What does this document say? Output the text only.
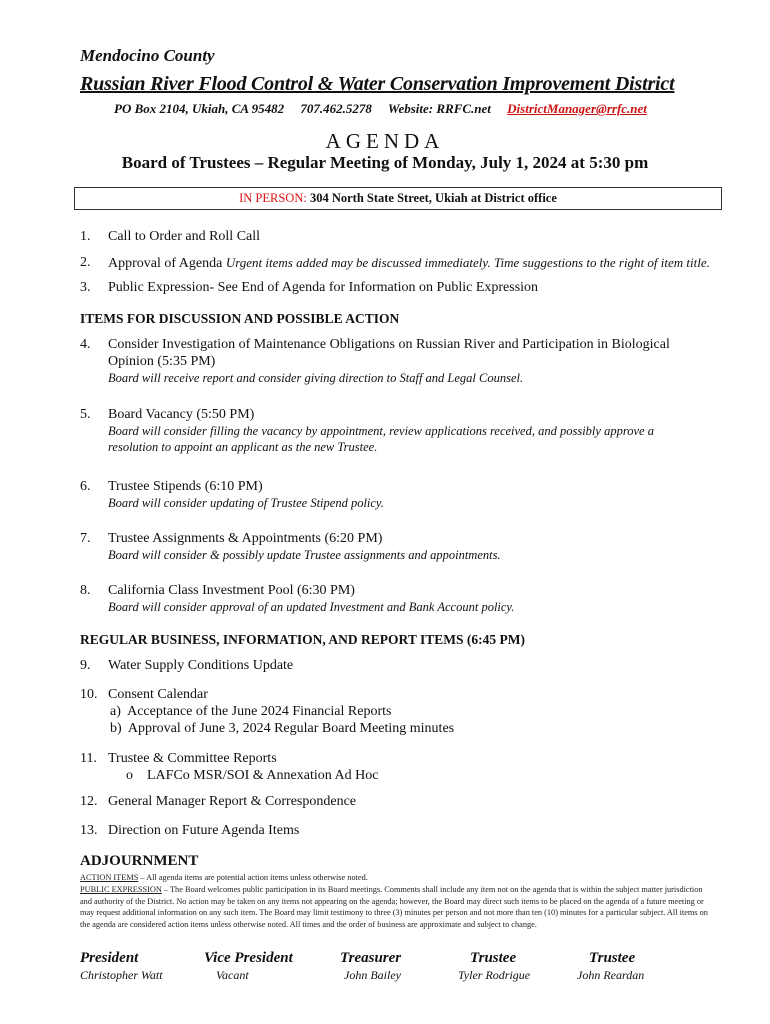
Mendocino County
Russian River Flood Control & Water Conservation Improvement District
PO Box 2104, Ukiah, CA 95482 707.462.5278 Website: RRFC.net DistrictManager@rrfc.net
AGENDA
Board of Trustees – Regular Meeting of Monday, July 1, 2024 at 5:30 pm
IN PERSON: 304 North State Street, Ukiah at District office
1. Call to Order and Roll Call
2. Approval of Agenda Urgent items added may be discussed immediately. Time suggestions to the right of item title.
3. Public Expression- See End of Agenda for Information on Public Expression
ITEMS FOR DISCUSSION AND POSSIBLE ACTION
4. Consider Investigation of Maintenance Obligations on Russian River and Participation in Biological Opinion (5:35 PM)
Board will receive report and consider giving direction to Staff and Legal Counsel.
5. Board Vacancy (5:50 PM)
Board will consider filling the vacancy by appointment, review applications received, and possibly approve a resolution to appoint an applicant as the new Trustee.
6. Trustee Stipends (6:10 PM)
Board will consider updating of Trustee Stipend policy.
7. Trustee Assignments & Appointments (6:20 PM)
Board will consider & possibly update Trustee assignments and appointments.
8. California Class Investment Pool (6:30 PM)
Board will consider approval of an updated Investment and Bank Account policy.
REGULAR BUSINESS, INFORMATION, AND REPORT ITEMS (6:45 PM)
9. Water Supply Conditions Update
10. Consent Calendar
a)  Acceptance of the June 2024 Financial Reports
b)  Approval of June 3, 2024 Regular Board Meeting minutes
11. Trustee & Committee Reports
o    LAFCo MSR/SOI & Annexation Ad Hoc
12. General Manager Report & Correspondence
13. Direction on Future Agenda Items
ADJOURNMENT
ACTION ITEMS – All agenda items are potential action items unless otherwise noted.
PUBLIC EXPRESSION – The Board welcomes public participation in its Board meetings. Comments shall include any item not on the agenda that is within the subject matter jurisdiction and authority of the District. No action may be taken on any items not appearing on the agenda; however, the Board may direct such items to be placed on the agenda of a future meeting or may request additional information on any such item. The Board may limit testimony to three (3) minutes per person and not more than ten (10) minutes for a particular subject. All items on the agenda are considered action items unless otherwise noted. All times and the order of business are approximate and subject to change.
President
Christopher Watt
Vice President
Vacant
Treasurer
John Bailey
Trustee
Tyler Rodrigue
Trustee
John Reardan
